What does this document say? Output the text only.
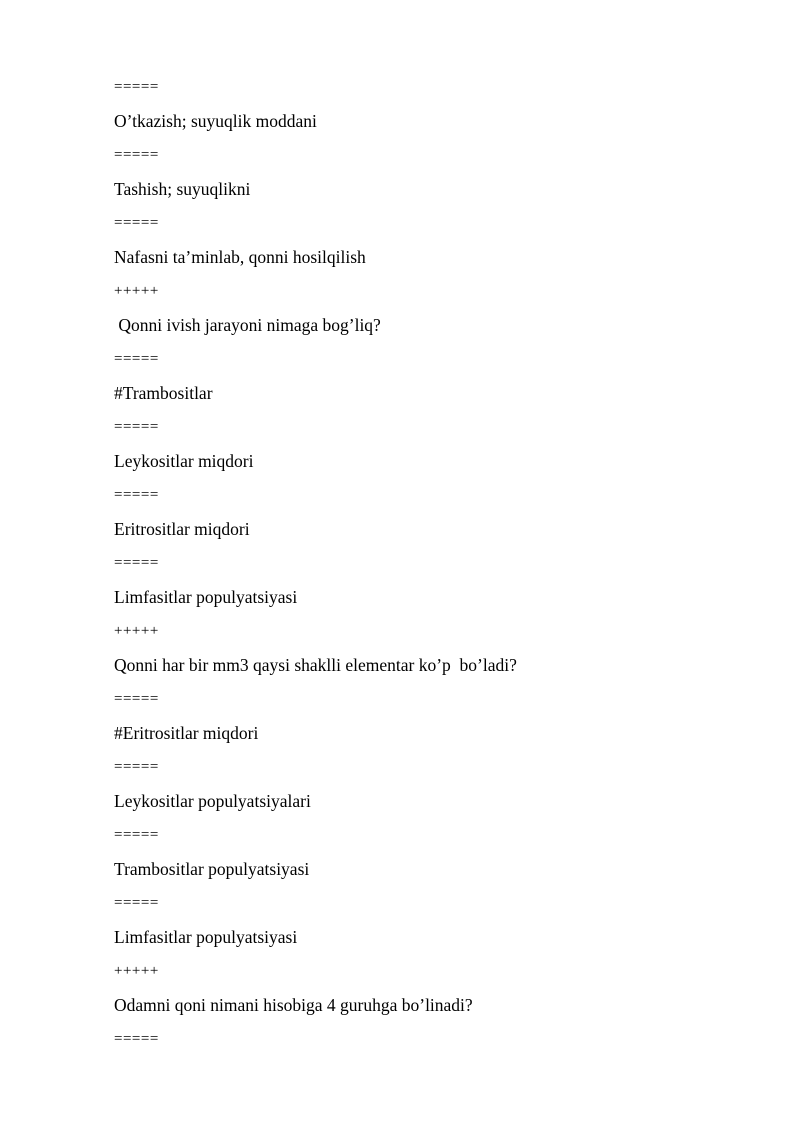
=====
O’tkazish; suyuqlik moddani
=====
Tashish; suyuqlikni
=====
Nafasni ta’minlab, qonni hosilqilish
+++++
Qonni ivish jarayoni nimaga bog’liq?
=====
#Trambositlar
=====
Leykositlar miqdori
=====
Eritrositlar miqdori
=====
Limfasitlar populyatsiyasi
+++++
Qonni har bir mm3 qaysi shaklli elementar ko’p  bo’ladi?
=====
#Eritrositlar miqdori
=====
Leykositlar populyatsiyalari
=====
Trambositlar populyatsiyasi
=====
Limfasitlar populyatsiyasi
+++++
Odamni qoni nimani hisobiga 4 guruhga bo’linadi?
=====
